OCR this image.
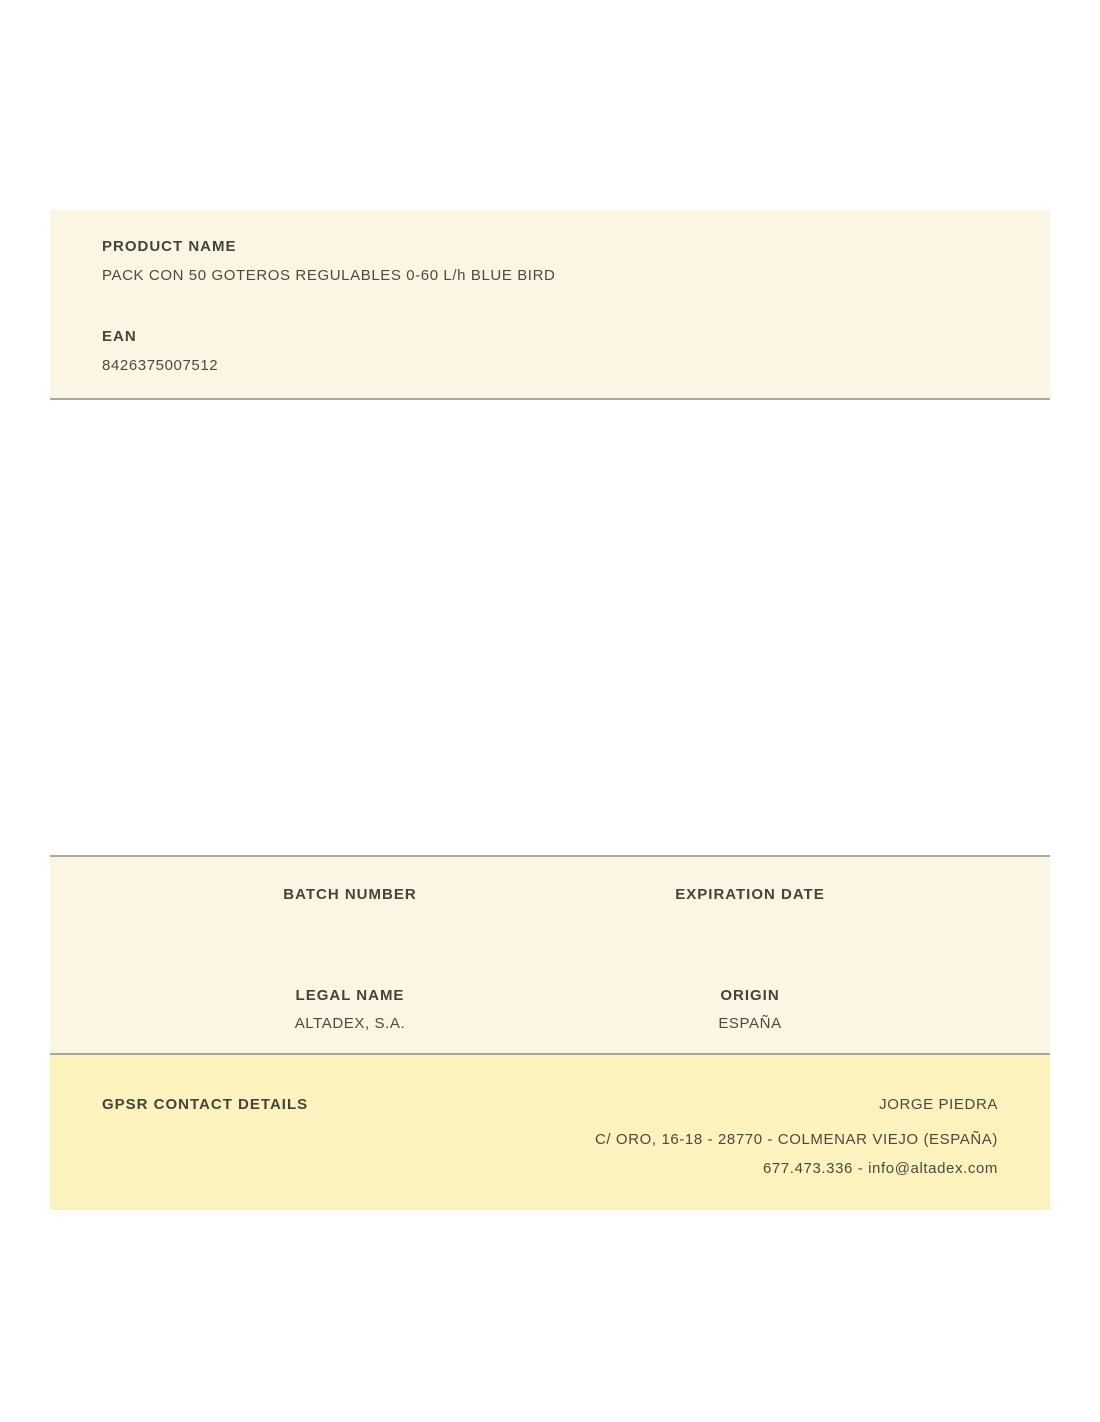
PRODUCT NAME
PACK CON 50 GOTEROS REGULABLES 0-60 L/h BLUE BIRD
EAN
8426375007512
BATCH NUMBER	EXPIRATION DATE
LEGAL NAME
ALTADEX, S.A.
ORIGIN
ESPAÑA
GPSR CONTACT DETAILS	JORGE PIEDRA
C/ ORO, 16-18 - 28770 - COLMENAR VIEJO (ESPAÑA)
677.473.336 - info@altadex.com
